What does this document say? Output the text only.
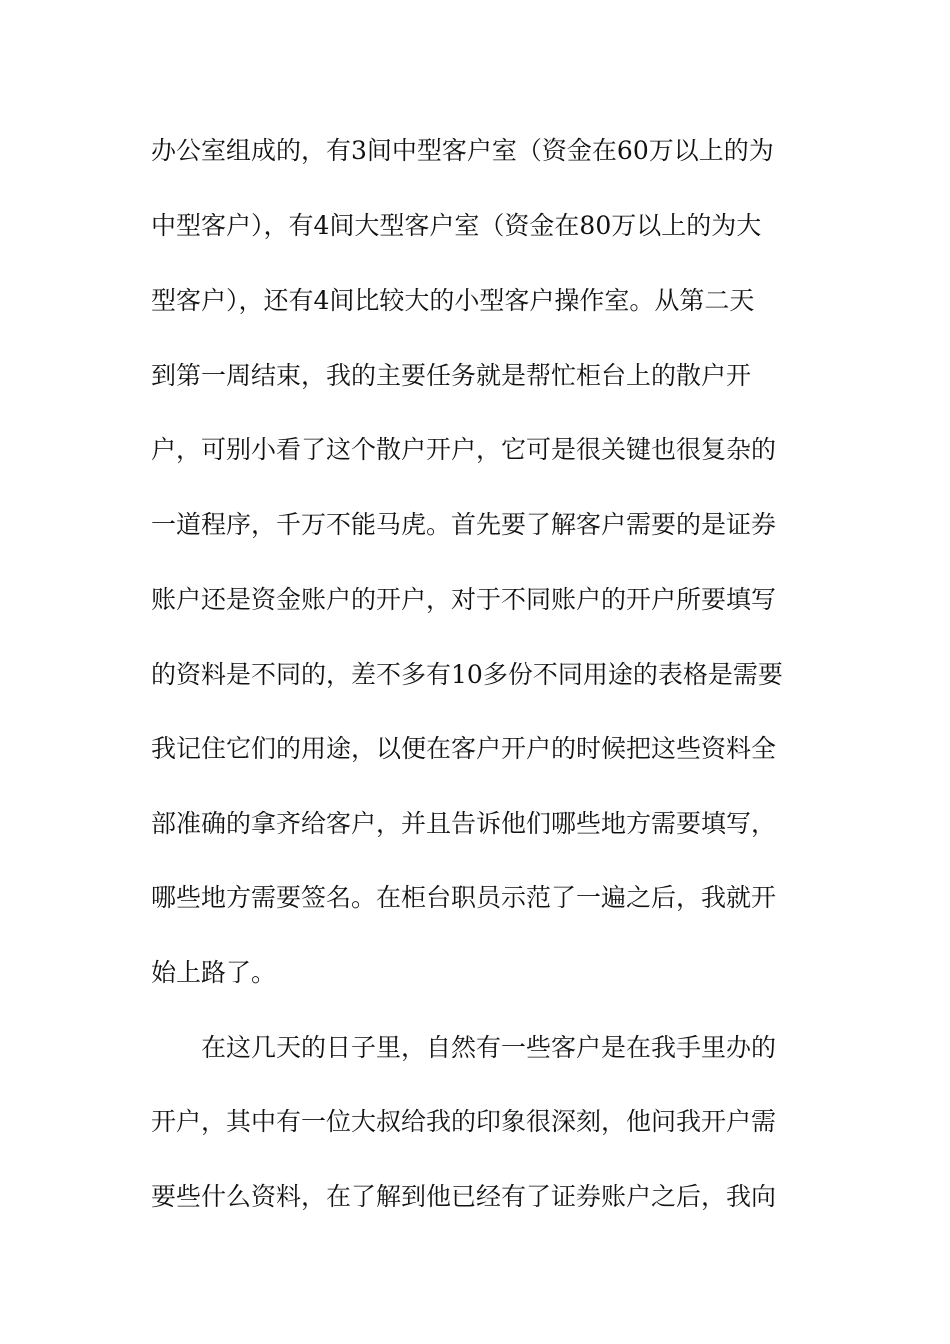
办公室组成的，有3间中型客户室（资金在60万以上的为
中型客户），有4间大型客户室（资金在80万以上的为大
型客户），还有4间比较大的小型客户操作室。从第二天
到第一周结束，我的主要任务就是帮忙柜台上的散户开
户，可别小看了这个散户开户，它可是很关键也很复杂的
一道程序，千万不能马虎。首先要了解客户需要的是证券
账户还是资金账户的开户，对于不同账户的开户所要填写
的资料是不同的，差不多有10多份不同用途的表格是需要
我记住它们的用途，以便在客户开户的时候把这些资料全
部准确的拿齐给客户，并且告诉他们哪些地方需要填写，
哪些地方需要签名。在柜台职员示范了一遍之后，我就开
始上路了。
在这几天的日子里，自然有一些客户是在我手里办的
开户，其中有一位大叔给我的印象很深刻，他问我开户需
要些什么资料，在了解到他已经有了证券账户之后，我向
